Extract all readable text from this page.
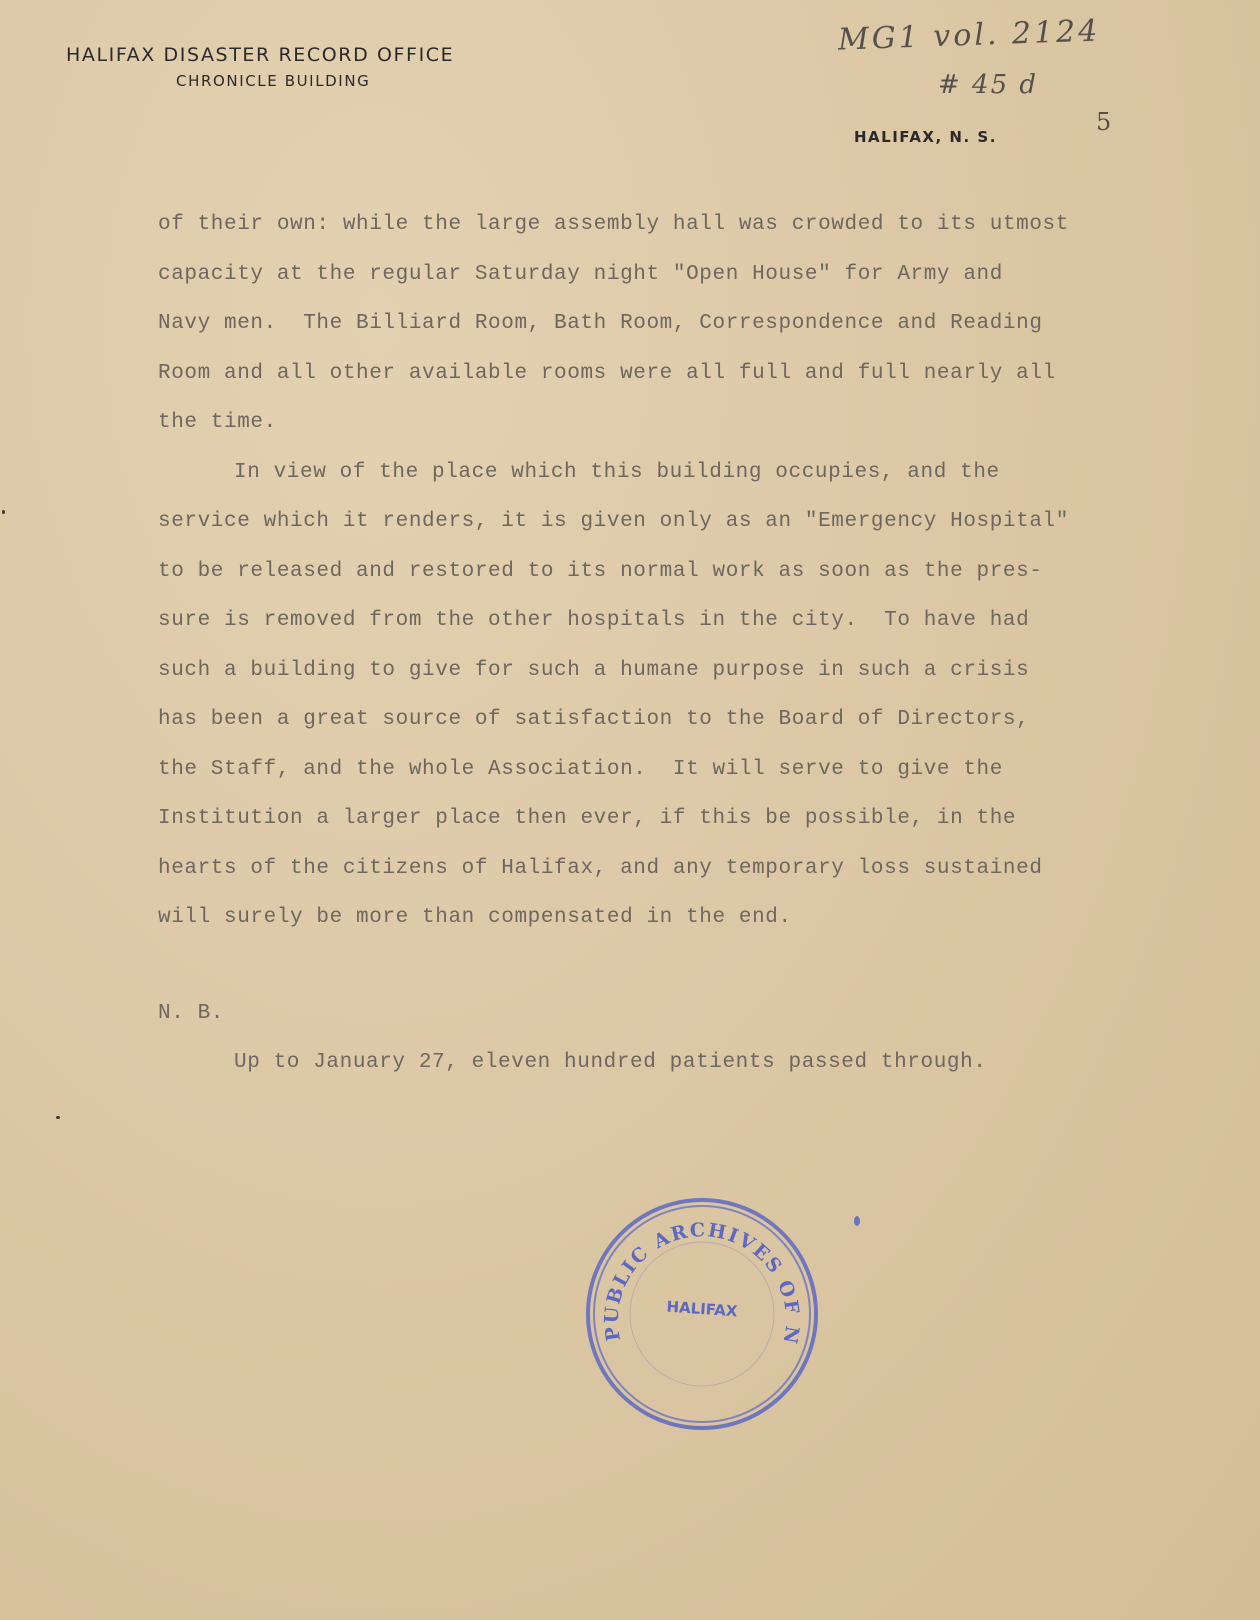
HALIFAX DISASTER RECORD OFFICE

CHRONICLE BUILDING

HALIFAX, N. S.
MG1 vol. 2124
# 45 d
5

of their own: while the large assembly hall was crowded to its utmost

capacity at the regular Saturday night "Open House" for Army and

Navy men.  The Billiard Room, Bath Room, Correspondence and Reading

Room and all other available rooms were all full and full nearly all

the time.

In view of the place which this building occupies, and the

service which it renders, it is given only as an "Emergency Hospital"

to be released and restored to its normal work as soon as the pres-

sure is removed from the other hospitals in the city.  To have had

such a building to give for such a humane purpose in such a crisis

has been a great source of satisfaction to the Board of Directors,

the Staff, and the whole Association.  It will serve to give the

Institution a larger place then ever, if this be possible, in the

hearts of the citizens of Halifax, and any temporary loss sustained

will surely be more than compensated in the end.

N. B.

Up to January 27, eleven hundred patients passed through.

PUBLIC ARCHIVES OF N
HALIFAX
